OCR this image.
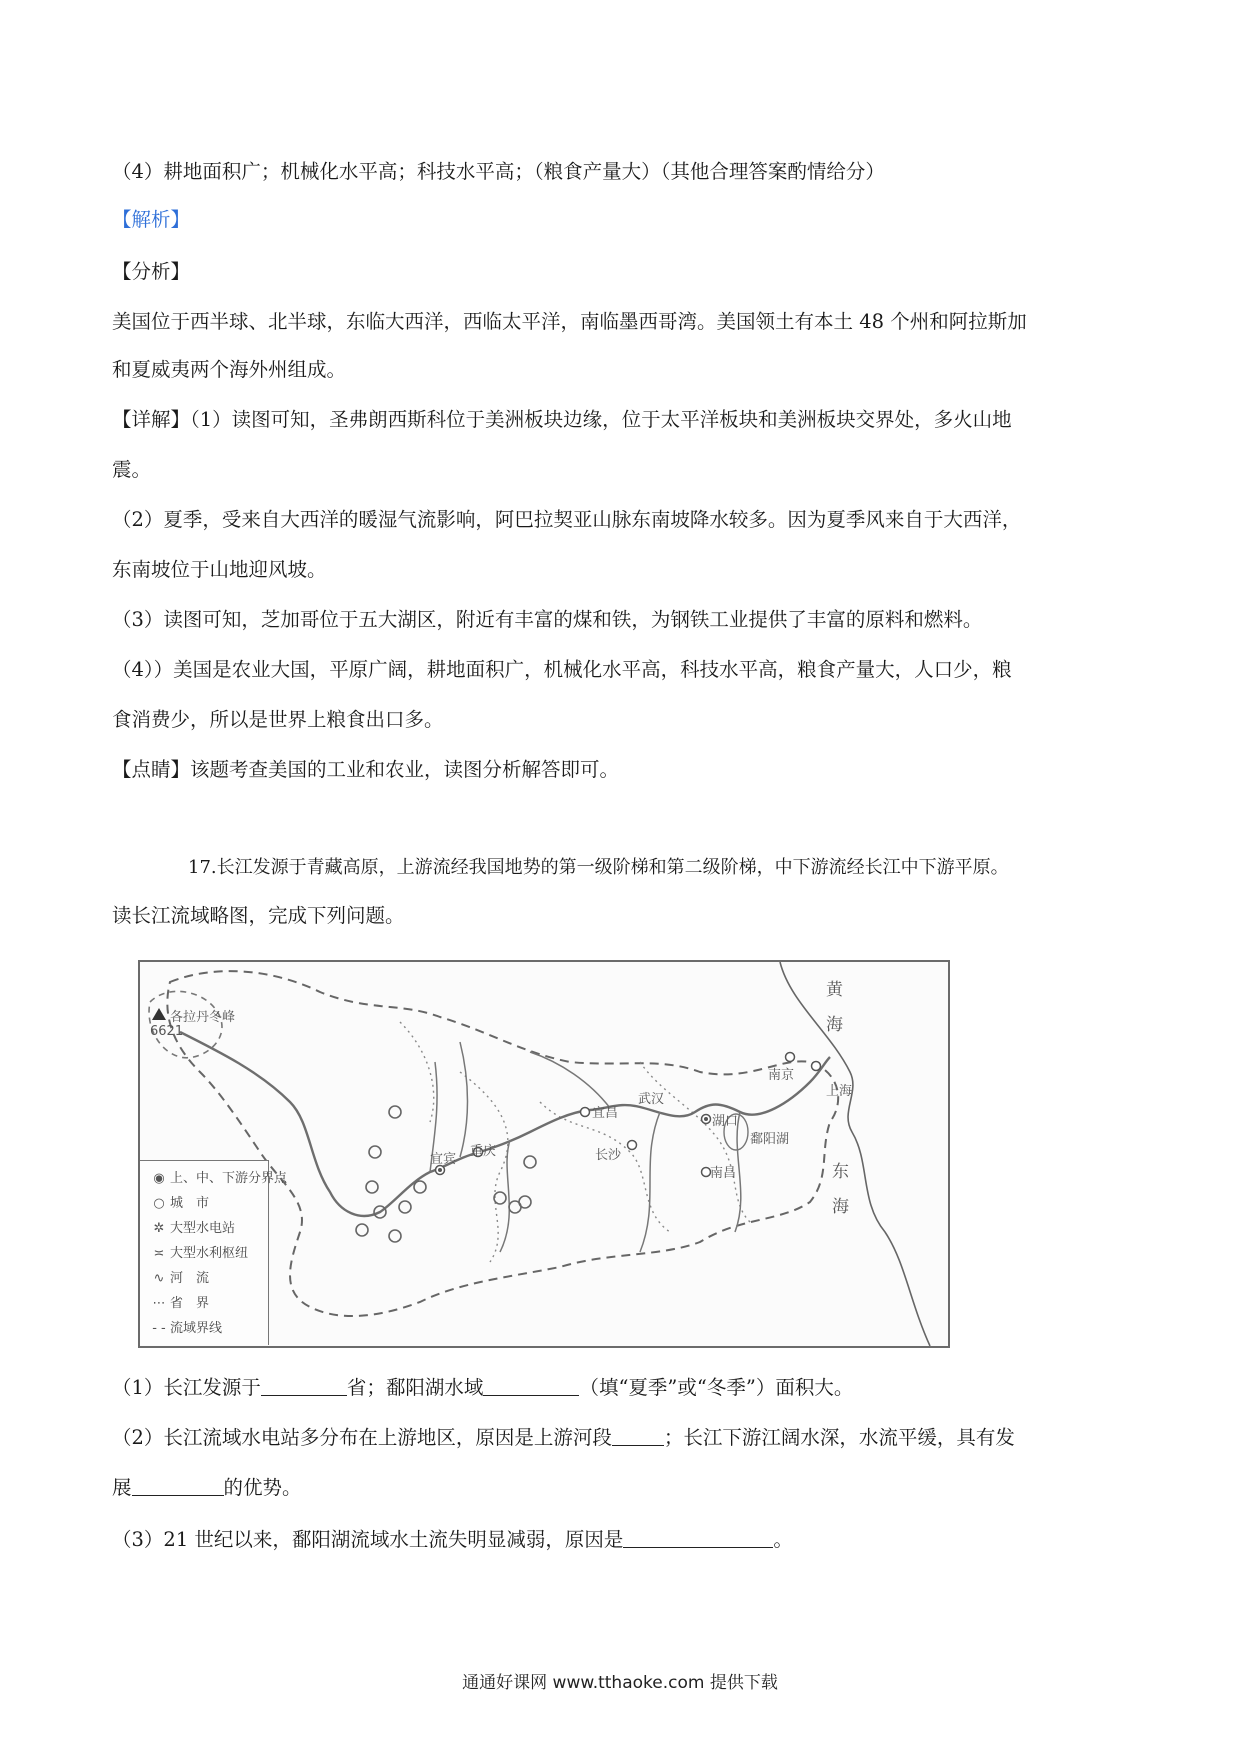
（4）耕地面积广；机械化水平高；科技水平高；（粮食产量大）（其他合理答案酌情给分）
【解析】
【分析】
美国位于西半球、北半球，东临大西洋，西临太平洋，南临墨西哥湾。美国领土有本土 48 个州和阿拉斯加
和夏威夷两个海外州组成。
【详解】（1）读图可知，圣弗朗西斯科位于美洲板块边缘，位于太平洋板块和美洲板块交界处，多火山地
震。
（2）夏季，受来自大西洋的暖湿气流影响，阿巴拉契亚山脉东南坡降水较多。因为夏季风来自于大西洋，
东南坡位于山地迎风坡。
（3）读图可知，芝加哥位于五大湖区，附近有丰富的煤和铁，为钢铁工业提供了丰富的原料和燃料。
（4））美国是农业大国，平原广阔，耕地面积广，机械化水平高，科技水平高，粮食产量大，人口少，粮
食消费少，所以是世界上粮食出口多。
【点睛】该题考查美国的工业和农业，读图分析解答即可。
17.长江发源于青藏高原，上游流经我国地势的第一级阶梯和第二级阶梯，中下游流经长江中下游平原。
读长江流域略图，完成下列问题。
各拉丹冬峰
6621
宜宾
重庆
宜昌
武汉
长沙
湖口
鄱阳湖
南昌
南京
上海
黄海
东海
◉ 上、中、下游分界点
○ 城　市
✲ 大型水电站
≍ 大型水利枢纽
∿ 河　流
⋯ 省　界
- - 流域界线
（1）长江发源于	省；鄱阳湖水域	（填“夏季”或“冬季”）面积大。
（2）长江流域水电站多分布在上游地区，原因是上游河段	；长江下游江阔水深，水流平缓，具有发
展	的优势。
（3）21 世纪以来，鄱阳湖流域水土流失明显减弱，原因是	。
通通好课网 www.tthaoke.com 提供下载
